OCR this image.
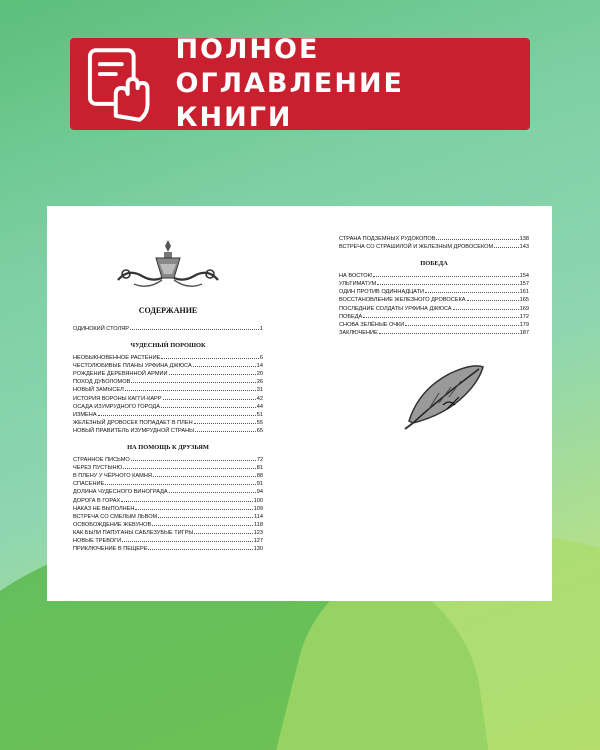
ПОЛНОЕ
ОГЛАВЛЕНИЕ КНИГИ
СОДЕРЖАНИЕ
ОДИНОКИЙ СТОЛЯР	1
ЧУДЕСНЫЙ ПОРОШОК
НЕОБЫКНОВЕННОЕ РАСТЕНИЕ	6
ЧЕСТОЛЮБИВЫЕ ПЛАНЫ УРФИНА ДЖЮСА	14
РОЖДЕНИЕ ДЕРЕВЯННОЙ АРМИИ	20
ПОХОД ДУБОЛОМОВ	26
НОВЫЙ ЗАМЫСЕЛ	31
ИСТОРИЯ ВОРОНЫ КАГГИ-КАРР	42
ОСАДА ИЗУМРУДНОГО ГОРОДА	44
ИЗМЕНА	51
ЖЕЛЕЗНЫЙ ДРОВОСЕК ПОПАДАЕТ В ПЛЕН	55
НОВЫЙ ПРАВИТЕЛЬ ИЗУМРУДНОЙ СТРАНЫ	65
НА ПОМОЩЬ К ДРУЗЬЯМ
СТРАННОЕ ПИСЬМО	72
ЧЕРЕЗ ПУСТЫНЮ	81
В ПЛЕНУ У ЧЁРНОГО КАМНЯ	88
СПАСЕНИЕ	91
ДОЛИНА ЧУДЕСНОГО ВИНОГРАДА	94
ДОРОГА В ГОРАХ	100
НАКАЗ НЕ ВЫПОЛНЕН	109
ВСТРЕЧА СО СМЕЛЫМ ЛЬВОМ	114
ОСВОБОЖДЕНИЕ ЖЕВУНОВ	118
КАК БЫЛИ ПАПУГАНЫ САБЛЕЗУБЫЕ ТИГРЫ	123
НОВЫЕ ТРЕВОГИ	127
ПРИКЛЮЧЕНИЕ В ПЕЩЕРЕ	130
СТРАНА ПОДЗЕМНЫХ РУДОКОПОВ	138
ВСТРЕЧА СО СТРАШИЛОЙ И ЖЕЛЕЗНЫМ ДРОВОСЕКОМ	143
ПОБЕДА
НА ВОСТОК!	154
УЛЬТИМАТУМ	157
ОДИН ПРОТИВ ОДИННАДЦАТИ	161
ВОССТАНОВЛЕНИЕ ЖЕЛЕЗНОГО ДРОВОСЕКА	165
ПОСЛЕДНИЕ СОЛДАТЫ УРФИНА ДЖЮСА	169
ПОБЕДА	172
СНОВА ЗЕЛЁНЫЕ ОЧКИ	179
ЗАКЛЮЧЕНИЕ	187
